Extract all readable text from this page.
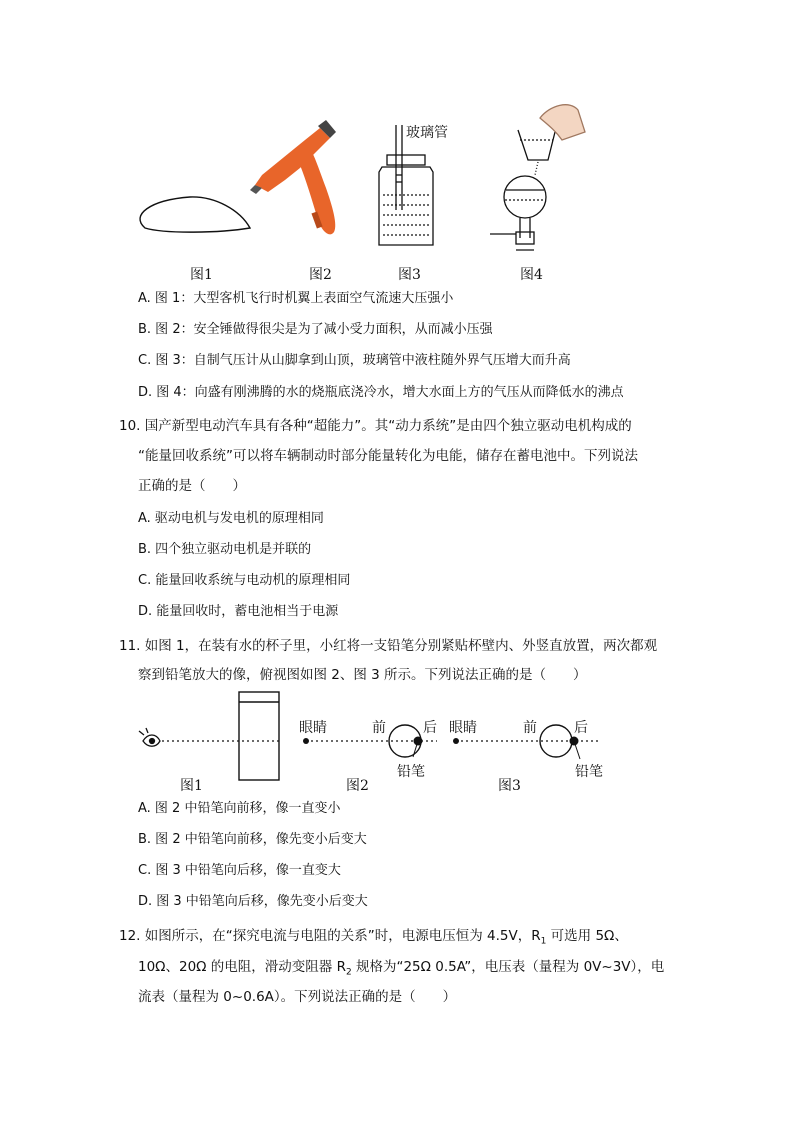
玻璃管
图1	图2	图3	图4
A. 图 1：大型客机飞行时机翼上表面空气流速大压强小
B. 图 2：安全锤做得很尖是为了减小受力面积，从而减小压强
C. 图 3：自制气压计从山脚拿到山顶，玻璃管中液柱随外界气压增大而升高
D. 图 4：向盛有刚沸腾的水的烧瓶底浇冷水，增大水面上方的气压从而降低水的沸点
10. 国产新型电动汽车具有各种“超能力”。其“动力系统”是由四个独立驱动电机构成的
“能量回收系统”可以将车辆制动时部分能量转化为电能，储存在蓄电池中。下列说法
正确的是（　　）
A. 驱动电机与发电机的原理相同
B. 四个独立驱动电机是并联的
C. 能量回收系统与电动机的原理相同
D. 能量回收时，蓄电池相当于电源
11. 如图 1，在装有水的杯子里，小红将一支铅笔分别紧贴杯壁内、外竖直放置，两次都观
察到铅笔放大的像，俯视图如图 2、图 3 所示。下列说法正确的是（　　）
眼睛	前	后
铅笔
眼睛	前	后
铅笔
图1	图2	图3
A. 图 2 中铅笔向前移，像一直变小
B. 图 2 中铅笔向前移，像先变小后变大
C. 图 3 中铅笔向后移，像一直变大
D. 图 3 中铅笔向后移，像先变小后变大
12. 如图所示，在“探究电流与电阻的关系”时，电源电压恒为 4.5V，$R_1$ 可选用 5Ω、
10Ω、20Ω 的电阻，滑动变阻器 $R_2$ 规格为“25Ω 0.5A”，电压表（量程为 0V~3V），电
流表（量程为 0~0.6A）。下列说法正确的是（　　）
